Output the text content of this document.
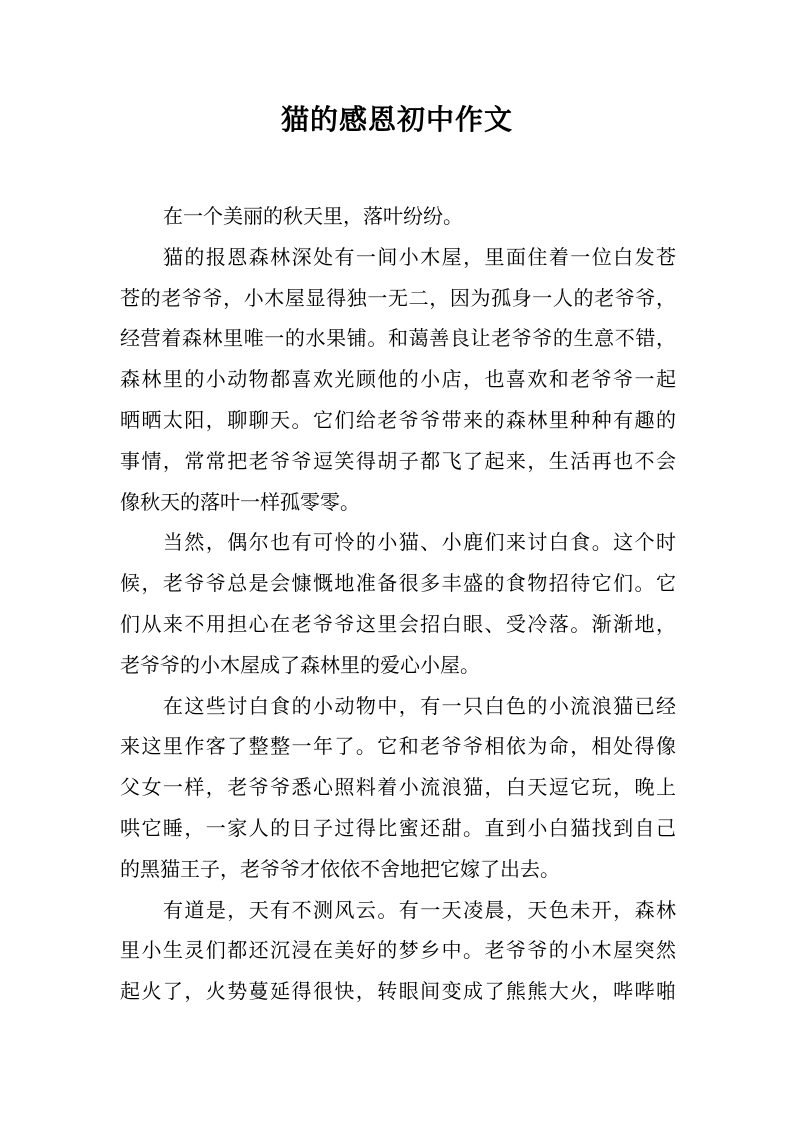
猫的感恩初中作文
在一个美丽的秋天里，落叶纷纷。
猫的报恩森林深处有一间小木屋，里面住着一位白发苍
苍的老爷爷，小木屋显得独一无二，因为孤身一人的老爷爷，
经营着森林里唯一的水果铺。和蔼善良让老爷爷的生意不错，
森林里的小动物都喜欢光顾他的小店，也喜欢和老爷爷一起
晒晒太阳，聊聊天。它们给老爷爷带来的森林里种种有趣的
事情，常常把老爷爷逗笑得胡子都飞了起来，生活再也不会
像秋天的落叶一样孤零零。
当然，偶尔也有可怜的小猫、小鹿们来讨白食。这个时
候，老爷爷总是会慷慨地准备很多丰盛的食物招待它们。它
们从来不用担心在老爷爷这里会招白眼、受冷落。渐渐地，
老爷爷的小木屋成了森林里的爱心小屋。
在这些讨白食的小动物中，有一只白色的小流浪猫已经
来这里作客了整整一年了。它和老爷爷相依为命，相处得像
父女一样，老爷爷悉心照料着小流浪猫，白天逗它玩，晚上
哄它睡，一家人的日子过得比蜜还甜。直到小白猫找到自己
的黑猫王子，老爷爷才依依不舍地把它嫁了出去。
有道是，天有不测风云。有一天凌晨，天色未开，森林
里小生灵们都还沉浸在美好的梦乡中。老爷爷的小木屋突然
起火了，火势蔓延得很快，转眼间变成了熊熊大火，哔哔啪
